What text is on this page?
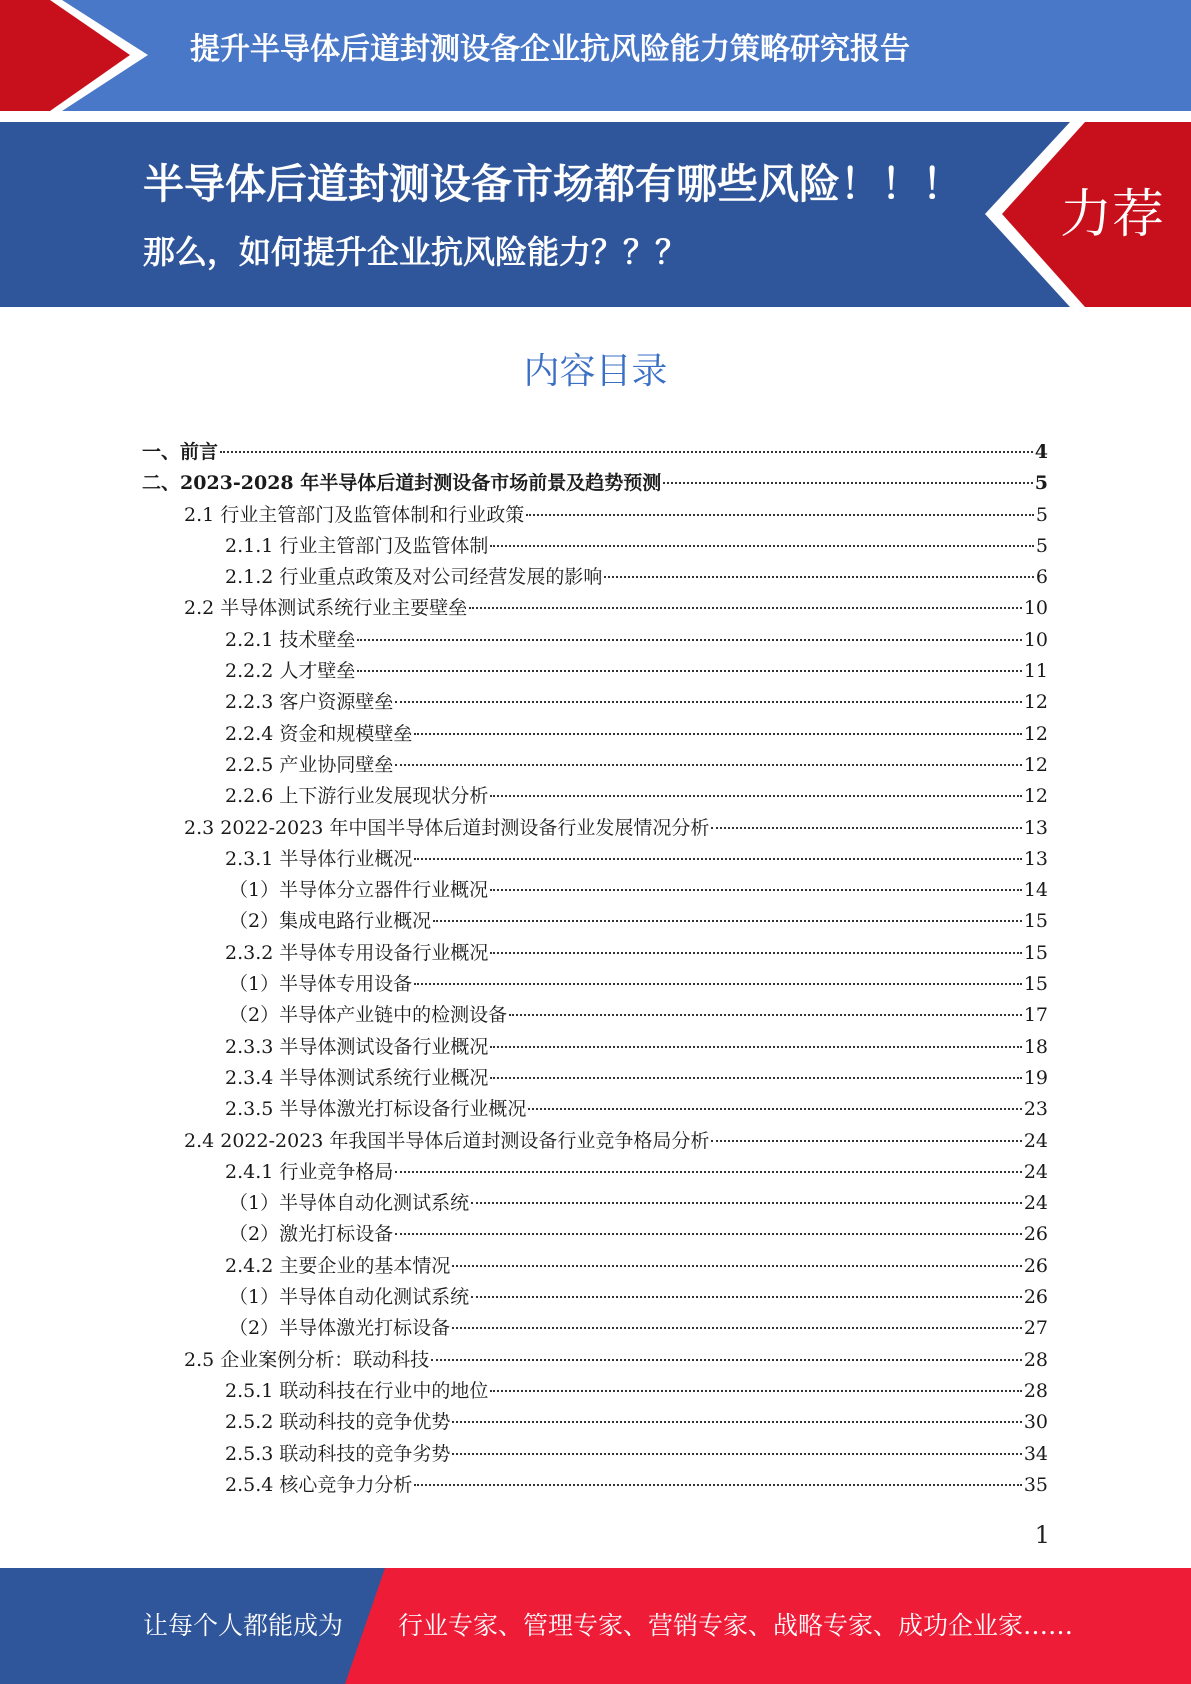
提升半导体后道封测设备企业抗风险能力策略研究报告
半导体后道封测设备市场都有哪些风险！！！
那么，如何提升企业抗风险能力？？？
力荐
内容目录
一、前言	4
二、2023-2028 年半导体后道封测设备市场前景及趋势预测	5
2.1 行业主管部门及监管体制和行业政策	5
2.1.1 行业主管部门及监管体制	5
2.1.2 行业重点政策及对公司经营发展的影响	6
2.2 半导体测试系统行业主要壁垒	10
2.2.1 技术壁垒	10
2.2.2 人才壁垒	11
2.2.3 客户资源壁垒	12
2.2.4 资金和规模壁垒	12
2.2.5 产业协同壁垒	12
2.2.6 上下游行业发展现状分析	12
2.3 2022-2023 年中国半导体后道封测设备行业发展情况分析	13
2.3.1 半导体行业概况	13
（1）半导体分立器件行业概况	14
（2）集成电路行业概况	15
2.3.2 半导体专用设备行业概况	15
（1）半导体专用设备	15
（2）半导体产业链中的检测设备	17
2.3.3 半导体测试设备行业概况	18
2.3.4 半导体测试系统行业概况	19
2.3.5 半导体激光打标设备行业概况	23
2.4 2022-2023 年我国半导体后道封测设备行业竞争格局分析	24
2.4.1 行业竞争格局	24
（1）半导体自动化测试系统	24
（2）激光打标设备	26
2.4.2 主要企业的基本情况	26
（1）半导体自动化测试系统	26
（2）半导体激光打标设备	27
2.5 企业案例分析：联动科技	28
2.5.1 联动科技在行业中的地位	28
2.5.2 联动科技的竞争优势	30
2.5.3 联动科技的竞争劣势	34
2.5.4 核心竞争力分析	35
1
让每个人都能成为 行业专家、管理专家、营销专家、战略专家、成功企业家……
